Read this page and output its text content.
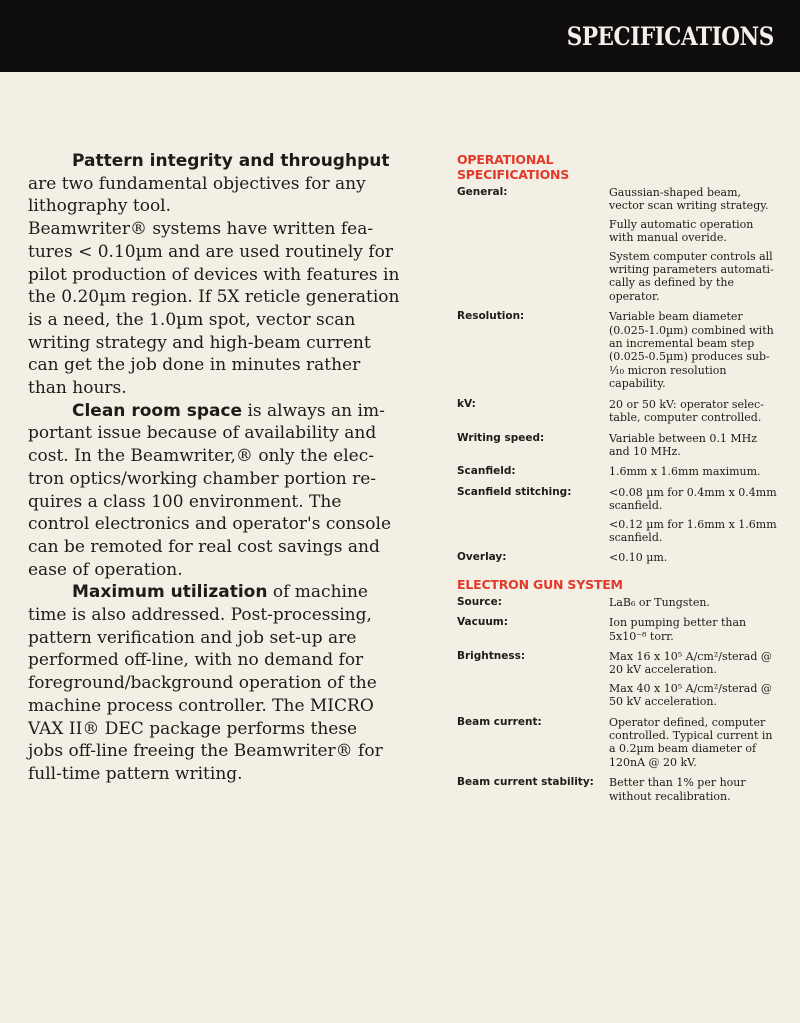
SPECIFICATIONS

Pattern integrity and throughput
are two fundamental objectives for any
lithography tool.
Beamwriter® systems have written fea-
tures < 0.10µm and are used routinely for
pilot production of devices with features in
the 0.20µm region. If 5X reticle generation
is a need, the 1.0µm spot, vector scan
writing strategy and high-beam current
can get the job done in minutes rather
than hours.

Clean room space is always an im-
portant issue because of availability and
cost. In the Beamwriter,® only the elec-
tron optics/working chamber portion re-
quires a class 100 environment. The
control electronics and operator's console
can be remoted for real cost savings and
ease of operation.

Maximum utilization of machine
time is also addressed. Post-processing,
pattern verification and job set-up are
performed off-line, with no demand for
foreground/background operation of the
machine process controller. The MICRO
VAX II® DEC package performs these
jobs off-line freeing the Beamwriter® for
full-time pattern writing.

OPERATIONAL
SPECIFICATIONS
General:	Gaussian-shaped beam, vector scan writing strategy.
Fully automatic operation with manual overide.
System computer controls all writing parameters automati-cally as defined by the operator.
Resolution:	Variable beam diameter (0.025-1.0µm) combined with an incremental beam step (0.025-0.5µm) produces sub- ¹⁄₁₀ micron resolution capability.
kV:	20 or 50 kV: operator selec-table, computer controlled.
Writing speed:	Variable between 0.1 MHz and 10 MHz.
Scanfield:	1.6mm x 1.6mm maximum.
Scanfield stitching:	<0.08 µm for 0.4mm x 0.4mm scanfield.
<0.12 µm for 1.6mm x 1.6mm scanfield.
Overlay:	<0.10 µm.
ELECTRON GUN SYSTEM
Source:	LaB₆ or Tungsten.
Vacuum:	Ion pumping better than 5x10⁻⁸ torr.
Brightness:	Max 16 x 10⁵ A/cm²/sterad @ 20 kV acceleration.
Max 40 x 10⁵ A/cm²/sterad @ 50 kV acceleration.
Beam current:	Operator defined, computer controlled. Typical current in a 0.2µm beam diameter of 120nA @ 20 kV.
Beam current stability:	Better than 1% per hour without recalibration.
